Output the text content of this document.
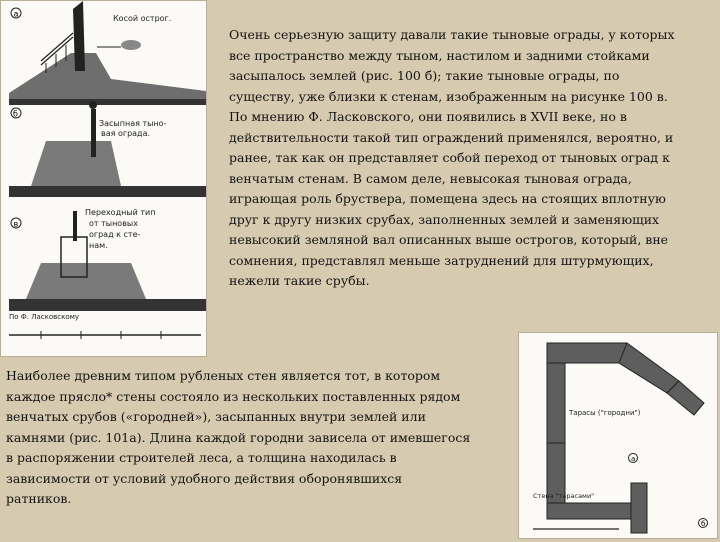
а	Косой острог.
б
Засыпная тыно-
вая ограда.
в
Переходный тип
от тыновых
оград к сте-
нам.
По Ф. Ласковскому
Тарасы ("городни")
а
Стена "тарасами"
б

Очень серьезную защиту давали такие тыновые ограды, у которых
все пространство между тыном, настилом и задними стойками
засыпалось землей (рис. 100 б); такие тыновые ограды, по
существу, уже близки к стенам, изображенным на рисунке 100 в.
По мнению Ф. Ласковского, они появились в XVII веке, но в
действительности такой тип ограждений применялся, вероятно, и
ранее, так как он представляет собой переход от тыновых оград к
венчатым стенам. В самом деле, невысокая тыновая ограда,
играющая роль бруствера, помещена здесь на стоящих вплотную
друг к другу низких срубах, заполненных землей и заменяющих
невысокий земляной вал описанных выше острогов, который, вне
сомнения, представлял меньше затруднений для штурмующих,
нежели такие срубы.

Наиболее древним типом рубленых стен является тот, в котором
каждое прясло* стены состояло из нескольких поставленных рядом
венчатых срубов («городней»), засыпанных внутри землей или
камнями (рис. 101а). Длина каждой городни зависела от имевшегося
в распоряжении строителей леса, а толщина находилась в
зависимости от условий удобного действия оборонявшихся
ратников.
